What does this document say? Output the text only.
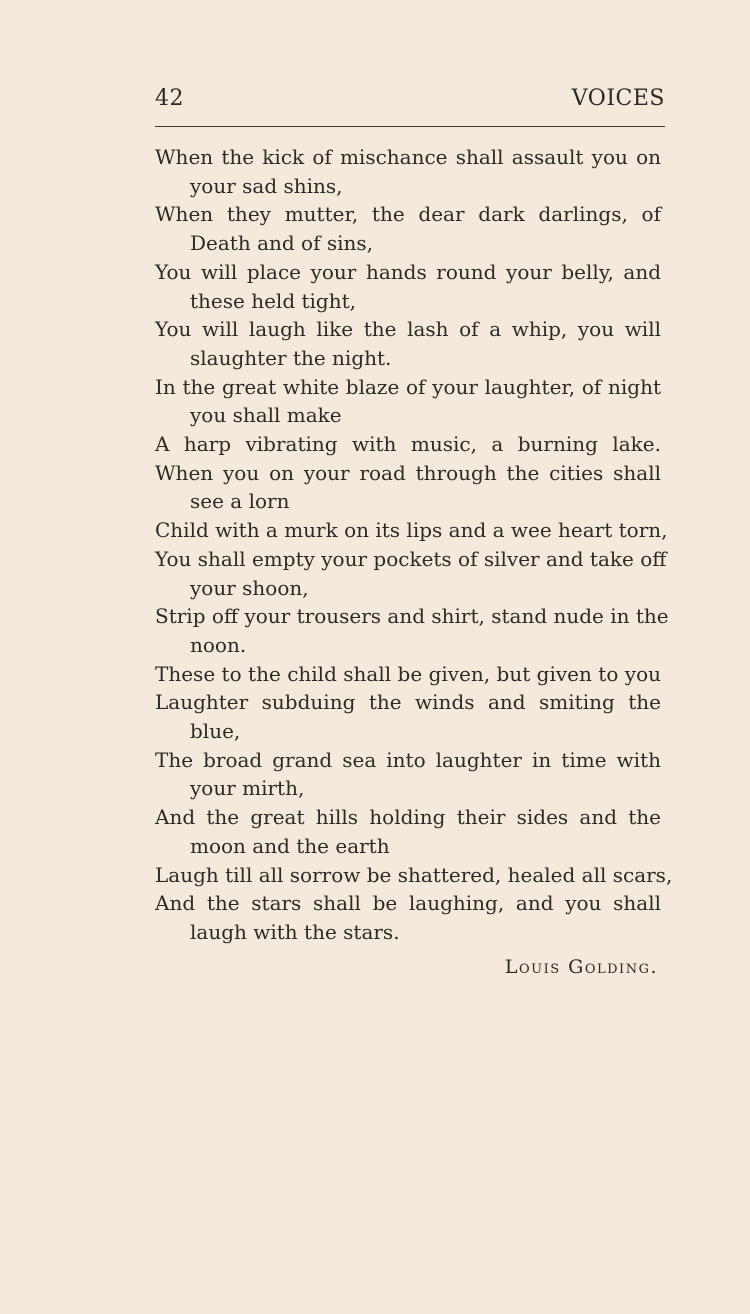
42	VOICES
When the kick of mischance shall assault you on
your sad shins,
When they mutter, the dear dark darlings, of
Death and of sins,
You will place your hands round your belly, and
these held tight,
You will laugh like the lash of a whip, you will
slaughter the night.
In the great white blaze of your laughter, of night
you shall make
A harp vibrating with music, a burning lake.
When you on your road through the cities shall
see a lorn
Child with a murk on its lips and a wee heart torn,
You shall empty your pockets of silver and take off
your shoon,
Strip off your trousers and shirt, stand nude in the
noon.
These to the child shall be given, but given to you
Laughter subduing the winds and smiting the
blue,
The broad grand sea into laughter in time with
your mirth,
And the great hills holding their sides and the
moon and the earth
Laugh till all sorrow be shattered, healed all scars,
And the stars shall be laughing, and you shall
laugh with the stars.
Louis Golding.
